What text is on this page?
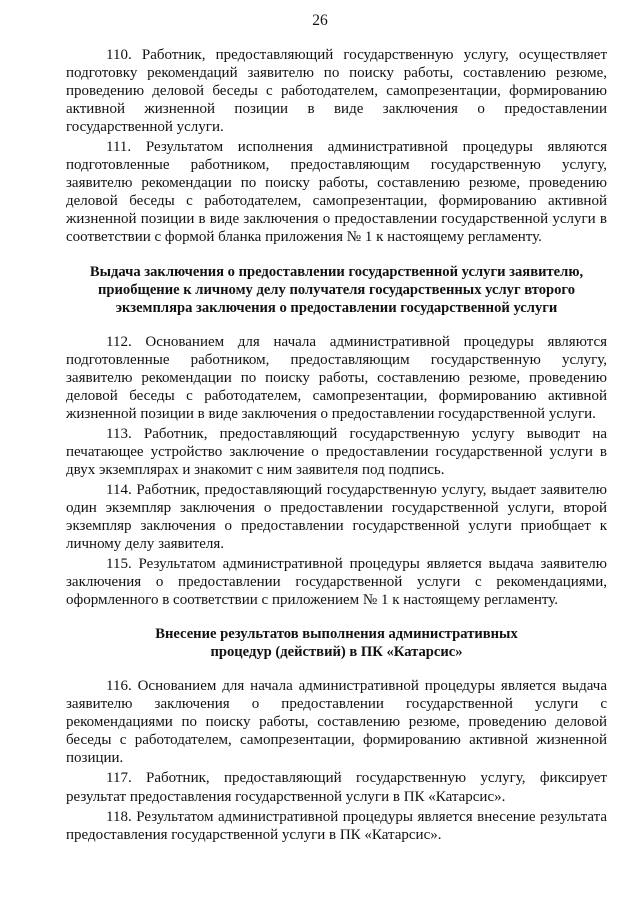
26

110. Работник, предоставляющий государственную услугу, осуществляет подготовку рекомендаций заявителю по поиску работы, составлению резюме, проведению деловой беседы с работодателем, самопрезентации, формированию активной жизненной позиции в виде заключения о предоставлении государственной услуги.

111. Результатом исполнения административной процедуры являются подготовленные работником, предоставляющим государственную услугу, заявителю рекомендации по поиску работы, составлению резюме, проведению деловой беседы с работодателем, самопрезентации, формированию активной жизненной позиции в виде заключения о предоставлении государственной услуги в соответствии с формой бланка приложения № 1 к настоящему регламенту.

Выдача заключения о предоставлении государственной услуги заявителю,
приобщение к личному делу получателя государственных услуг второго
экземпляра заключения о предоставлении государственной услуги

112. Основанием для начала административной процедуры являются подготовленные работником, предоставляющим государственную услугу, заявителю рекомендации по поиску работы, составлению резюме, проведению деловой беседы с работодателем, самопрезентации, формированию активной жизненной позиции в виде заключения о предоставлении государственной услуги.

113. Работник, предоставляющий государственную услугу выводит на печатающее устройство заключение о предоставлении государственной услуги в двух экземплярах и знакомит с ним заявителя под подпись.

114. Работник, предоставляющий государственную услугу, выдает заявителю один экземпляр заключения о предоставлении государственной услуги, второй экземпляр заключения о предоставлении государственной услуги приобщает к личному делу заявителя.

115. Результатом административной процедуры является выдача заявителю заключения о предоставлении государственной услуги с рекомендациями, оформленного в соответствии с приложением № 1 к настоящему регламенту.

Внесение результатов выполнения административных
процедур (действий) в ПК «Катарсис»

116. Основанием для начала административной процедуры является выдача заявителю заключения о предоставлении государственной услуги с рекомендациями по поиску работы, составлению резюме, проведению деловой беседы с работодателем, самопрезентации, формированию активной жизненной позиции.

117. Работник, предоставляющий государственную услугу, фиксирует результат предоставления государственной услуги в ПК «Катарсис».

118. Результатом административной процедуры является внесение результата предоставления государственной услуги в ПК «Катарсис».
